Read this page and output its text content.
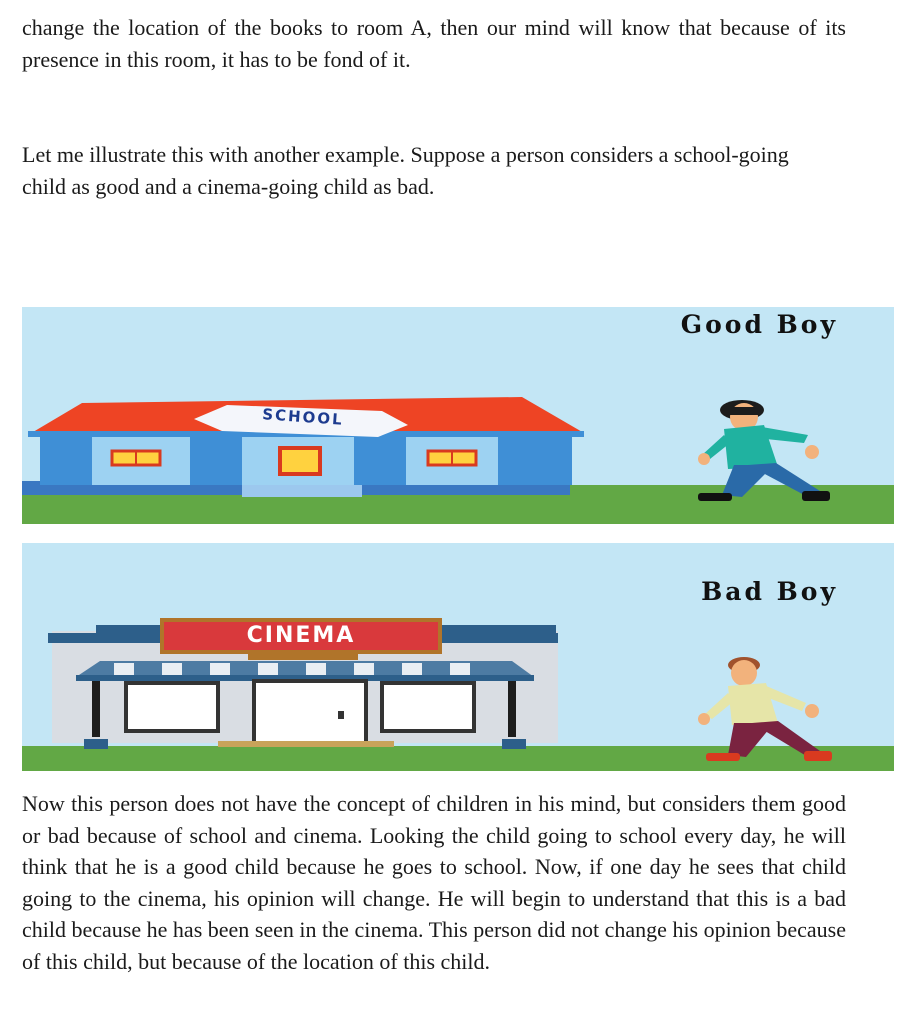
change the location of the books to room A, then our mind will know that because of its presence in this room, it has to be fond of it.

Let me illustrate this with another example. Suppose a person considers a school-going child as good and a cinema-going child as bad.

Good Boy
SCHOOL
Bad Boy
CINEMA

Now this person does not have the concept of children in his mind, but considers them good or bad because of school and cinema. Looking the child going to school every day, he will think that he is a good child because he goes to school. Now, if one day he sees that child going to the cinema, his opinion will change. He will begin to understand that this is a bad child because he has been seen in the cinema. This person did not change his opinion because of this child, but because of the location of this child.
